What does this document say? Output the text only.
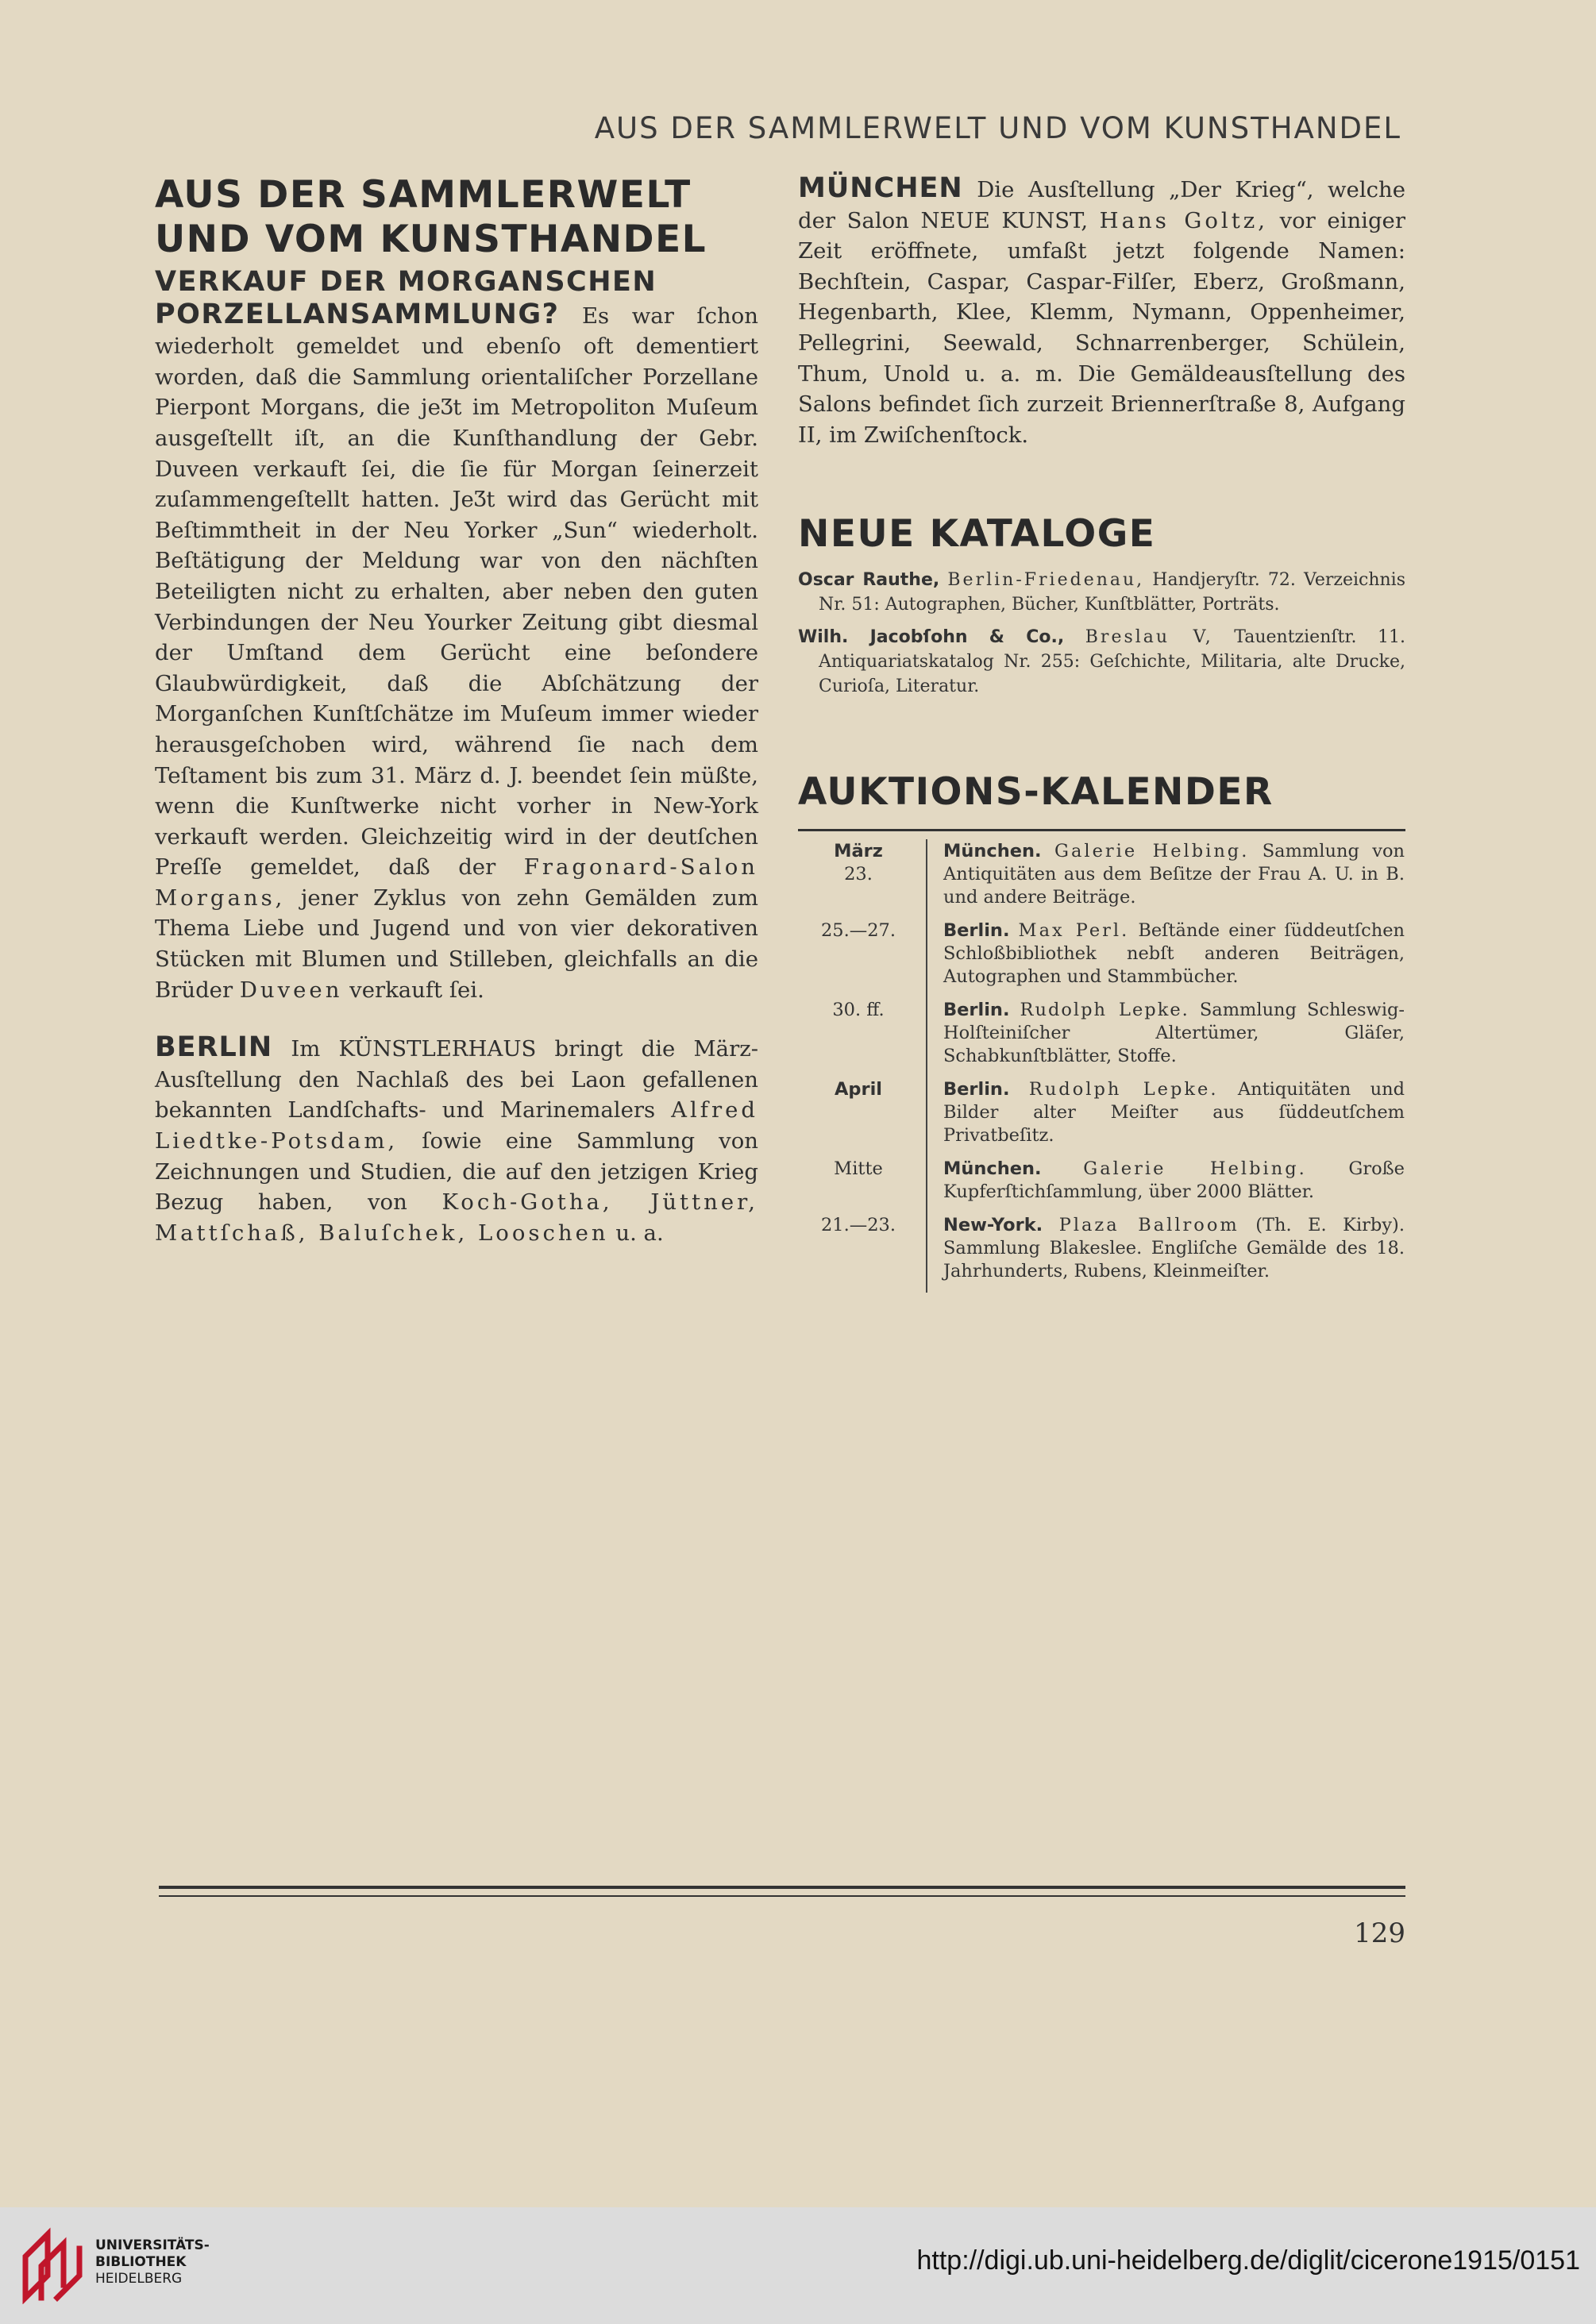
AUS DER SAMMLERWELT UND VOM KUNSTHANDEL
AUS DER SAMMLERWELT
UND VOM KUNSTHANDEL

VERKAUF DER MORGANSCHEN
PORZELLANSAMMLUNG? Es war ſchon wiederholt gemeldet und ebenſo oft dementiert worden, daß die Sammlung orientaliſcher Porzellane Pierpont Morgans, die jeƷt im Metropoliton Muſeum ausgeſtellt iſt, an die Kunſthandlung der Gebr. Duveen verkauft ſei, die ſie für Morgan ſeinerzeit zuſammengeſtellt hatten. JeƷt wird das Gerücht mit Beſtimmtheit in der Neu Yorker „Sun“ wiederholt. Beſtätigung der Meldung war von den nächſten Beteiligten nicht zu erhalten, aber neben den guten Verbindungen der Neu Yourker Zeitung gibt diesmal der Umſtand dem Gerücht eine beſondere Glaubwürdigkeit, daß die Abſchätzung der Morganſchen Kunſtſchätze im Muſeum immer wieder herausgeſchoben wird, während ſie nach dem Teſtament bis zum 31. März d. J. beendet ſein müßte, wenn die Kunſtwerke nicht vorher in New-York verkauft werden. Gleichzeitig wird in der deutſchen Preſſe gemeldet, daß der Fragonard-Salon Morgans, jener Zyklus von zehn Gemälden zum Thema Liebe und Jugend und von vier dekorativen Stücken mit Blumen und Stilleben, gleichfalls an die Brüder Duveen verkauft ſei.

BERLIN Im KÜNSTLERHAUS bringt die März-Ausſtellung den Nachlaß des bei Laon gefallenen bekannten Landſchafts- und Marinemalers Alfred Liedtke-Potsdam, ſowie eine Sammlung von Zeichnungen und Studien, die auf den jetzigen Krieg Bezug haben, von Koch-Gotha, Jüttner, Mattſchaß, Baluſchek, Looschen u. a.

MÜNCHEN Die Ausſtellung „Der Krieg“, welche der Salon NEUE KUNST, Hans Goltz, vor einiger Zeit eröffnete, umfaßt jetzt folgende Namen: Bechſtein, Caspar, Caspar-Filſer, Eberz, Großmann, Hegenbarth, Klee, Klemm, Nymann, Oppenheimer, Pellegrini, Seewald, Schnarrenberger, Schülein, Thum, Unold u. a. m. Die Gemäldeausſtellung des Salons befindet ſich zurzeit Briennerſtraße 8, Aufgang II, im Zwiſchenſtock.

NEUE KATALOGE

Oscar Rauthe, Berlin-Friedenau, Handjeryſtr. 72. Verzeichnis Nr. 51: Autographen, Bücher, Kunſtblätter, Porträts.

Wilh. Jacobſohn & Co., Breslau V, Tauentzienſtr. 11. Antiquariatskatalog Nr. 255: Geſchichte, Militaria, alte Drucke, Curioſa, Literatur.

AUKTIONS-KALENDER
März
23.	München. Galerie Helbing. Sammlung von Antiquitäten aus dem Beſitze der Frau A. U. in B. und andere Beiträge.

25.—27.	Berlin. Max Perl. Beſtände einer ſüddeutſchen Schloßbibliothek nebſt anderen Beiträgen, Autographen und Stammbücher.

30. ff.	Berlin. Rudolph Lepke. Sammlung Schleswig-Holſteiniſcher Altertümer, Gläſer, Schabkunſtblätter, Stoffe.

April	Berlin. Rudolph Lepke. Antiquitäten und Bilder alter Meiſter aus ſüddeutſchem Privatbeſitz.

Mitte	München. Galerie Helbing. Große Kupferſtichſammlung, über 2000 Blätter.

21.—23.	New-York. Plaza Ballroom (Th. E. Kirby). Sammlung Blakeslee. Engliſche Gemälde des 18. Jahrhunderts, Rubens, Kleinmeiſter.
129
UNIVERSITÄTS-
BIBLIOTHEK
HEIDELBERG
http://digi.ub.uni-heidelberg.de/diglit/cicerone1915/0151
